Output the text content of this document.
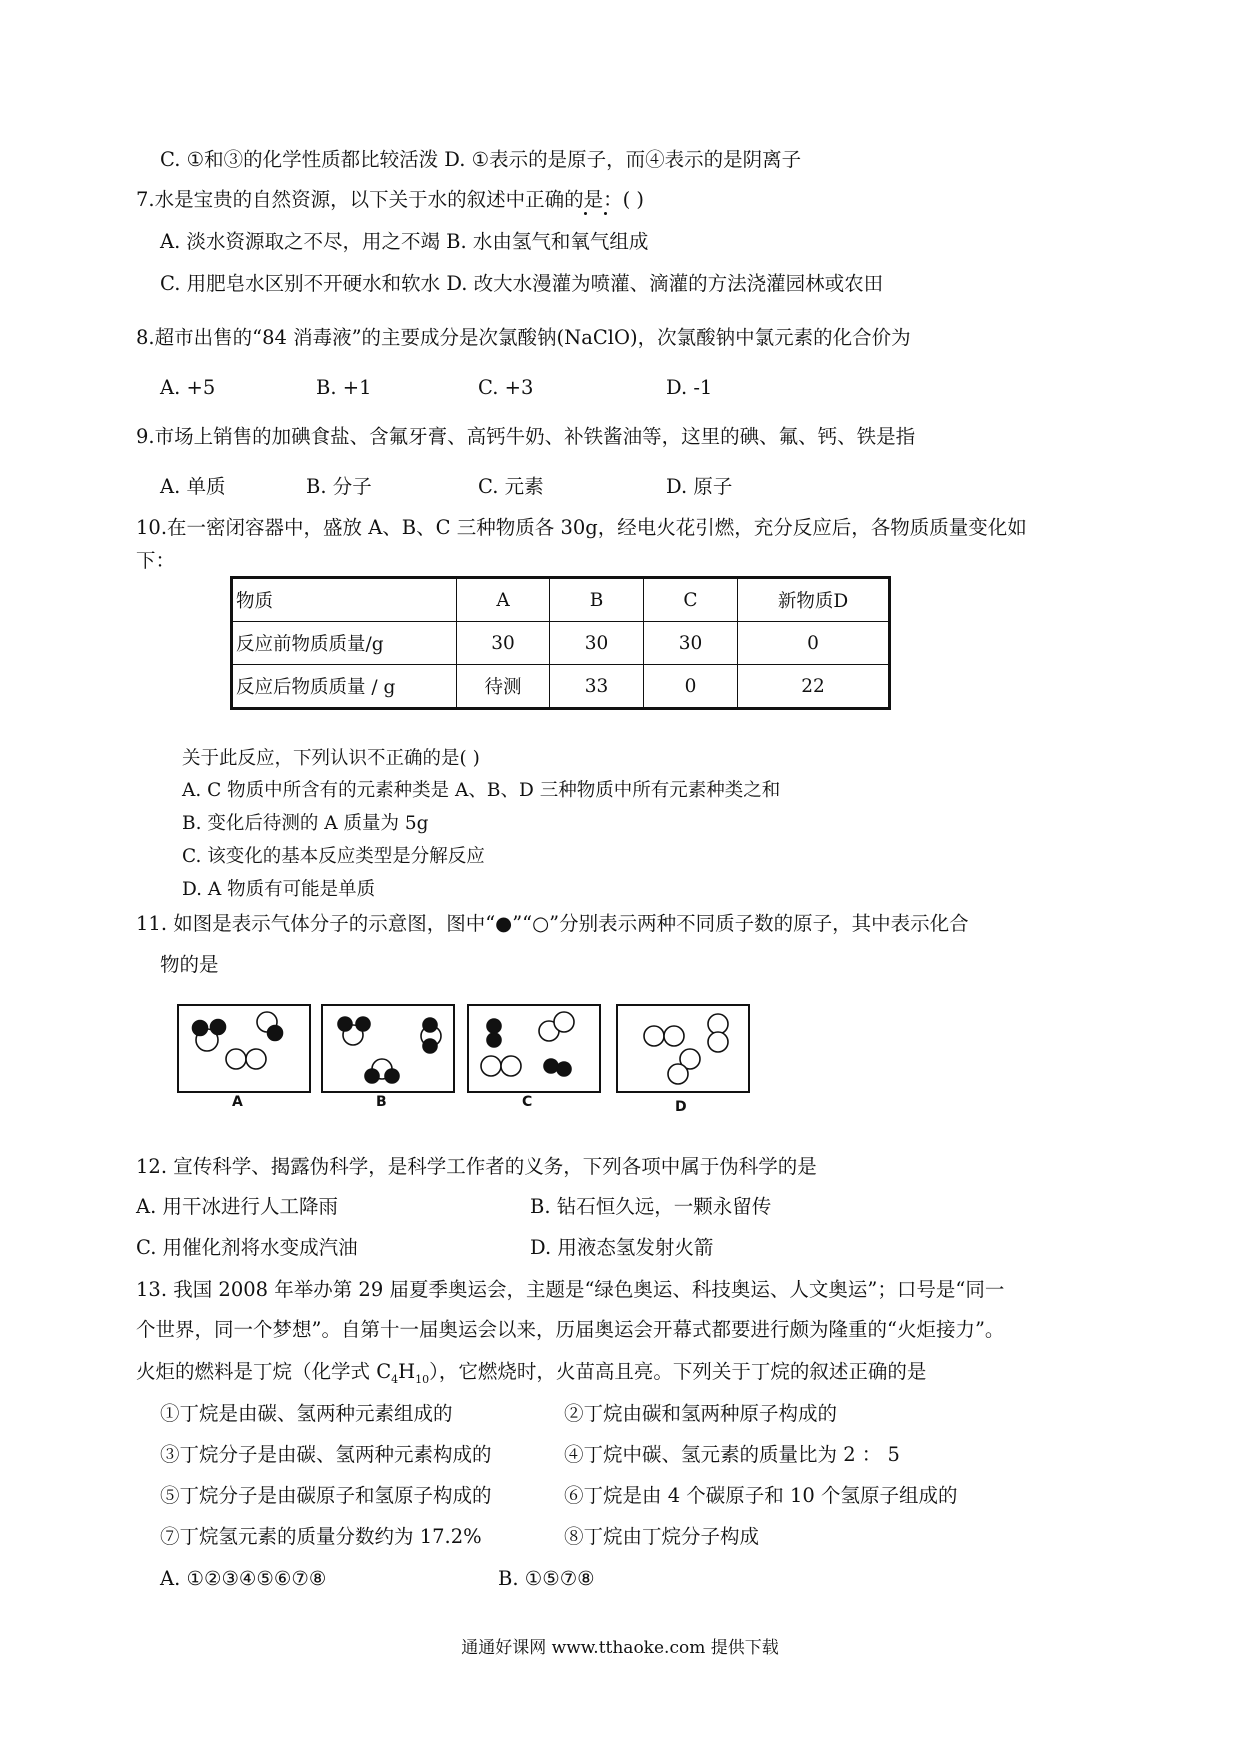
C. ①和③的化学性质都比较活泼 D. ①表示的是原子，而④表示的是阴离子
7.水是宝贵的自然资源，以下关于水的叙述中正确的是：( )
A. 淡水资源取之不尽，用之不竭 B. 水由氢气和氧气组成
C. 用肥皂水区别不开硬水和软水 D. 改大水漫灌为喷灌、滴灌的方法浇灌园林或农田
8.超市出售的“84 消毒液”的主要成分是次氯酸钠(NaClO)，次氯酸钠中氯元素的化合价为
A. +5	B. +1	C. +3	D. -1
9.市场上销售的加碘食盐、含氟牙膏、高钙牛奶、补铁酱油等，这里的碘、氟、钙、铁是指
A. 单质	B. 分子	C. 元素	D. 原子
10.在一密闭容器中，盛放 A、B、C 三种物质各 30g，经电火花引燃，充分反应后，各物质质量变化如
下：
物质	A	B	C	新物质D
反应前物质质量/g	30	30	30	0
反应后物质质量 / g	待测	33	0	22
关于此反应，下列认识不正确的是( )
A. C 物质中所含有的元素种类是 A、B、D 三种物质中所有元素种类之和
B. 变化后待测的 A 质量为 5g
C. 该变化的基本反应类型是分解反应
D. A 物质有可能是单质
11. 如图是表示气体分子的示意图，图中“●”“○”分别表示两种不同质子数的原子，其中表示化合
物的是
A	B	C	D
12. 宣传科学、揭露伪科学，是科学工作者的义务，下列各项中属于伪科学的是
A. 用干冰进行人工降雨	B. 钻石恒久远，一颗永留传
C. 用催化剂将水变成汽油	D. 用液态氢发射火箭
13. 我国 2008 年举办第 29 届夏季奥运会，主题是“绿色奥运、科技奥运、人文奥运”；口号是“同一
个世界，同一个梦想”。自第十一届奥运会以来，历届奥运会开幕式都要进行颇为隆重的“火炬接力”。
火炬的燃料是丁烷（化学式 $C_4H_{10}$），它燃烧时，火苗高且亮。下列关于丁烷的叙述正确的是
①丁烷是由碳、氢两种元素组成的	②丁烷由碳和氢两种原子构成的
③丁烷分子是由碳、氢两种元素构成的	④丁烷中碳、氢元素的质量比为 2 ： 5
⑤丁烷分子是由碳原子和氢原子构成的	⑥丁烷是由 4 个碳原子和 10 个氢原子组成的
⑦丁烷氢元素的质量分数约为 17.2%	⑧丁烷由丁烷分子构成
A. ①②③④⑤⑥⑦⑧	B. ①⑤⑦⑧
通通好课网 www.tthaoke.com 提供下载
